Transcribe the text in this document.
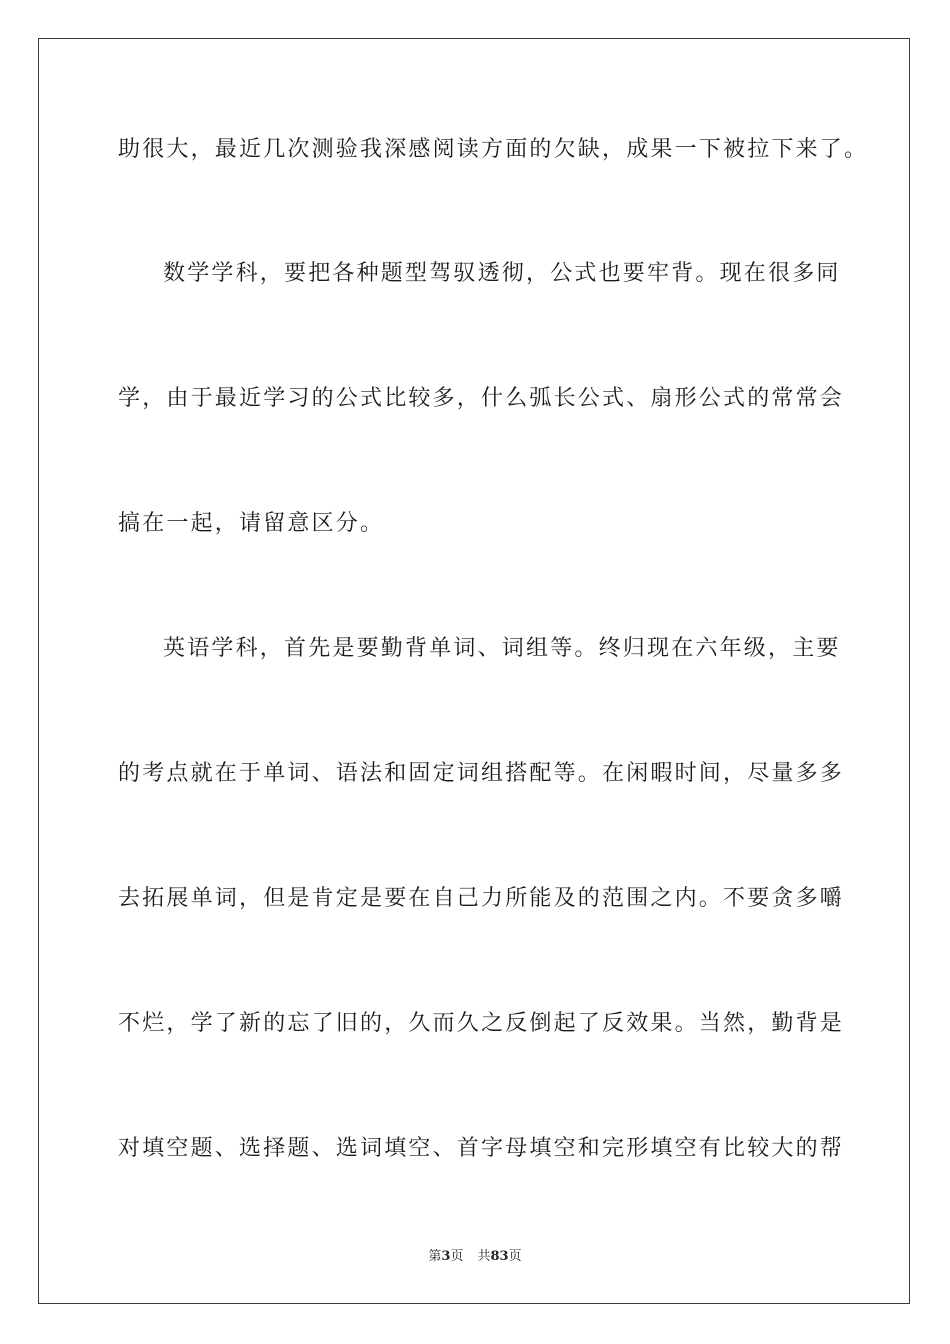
助很大，最近几次测验我深感阅读方面的欠缺，成果一下被拉下来了。
数学学科，要把各种题型驾驭透彻，公式也要牢背。现在很多同
学，由于最近学习的公式比较多，什么弧长公式、扇形公式的常常会
搞在一起，请留意区分。
英语学科，首先是要勤背单词、词组等。终归现在六年级，主要
的考点就在于单词、语法和固定词组搭配等。在闲暇时间，尽量多多
去拓展单词，但是肯定是要在自己力所能及的范围之内。不要贪多嚼
不烂，学了新的忘了旧的，久而久之反倒起了反效果。当然，勤背是
对填空题、选择题、选词填空、首字母填空和完形填空有比较大的帮
第3页 共83页
